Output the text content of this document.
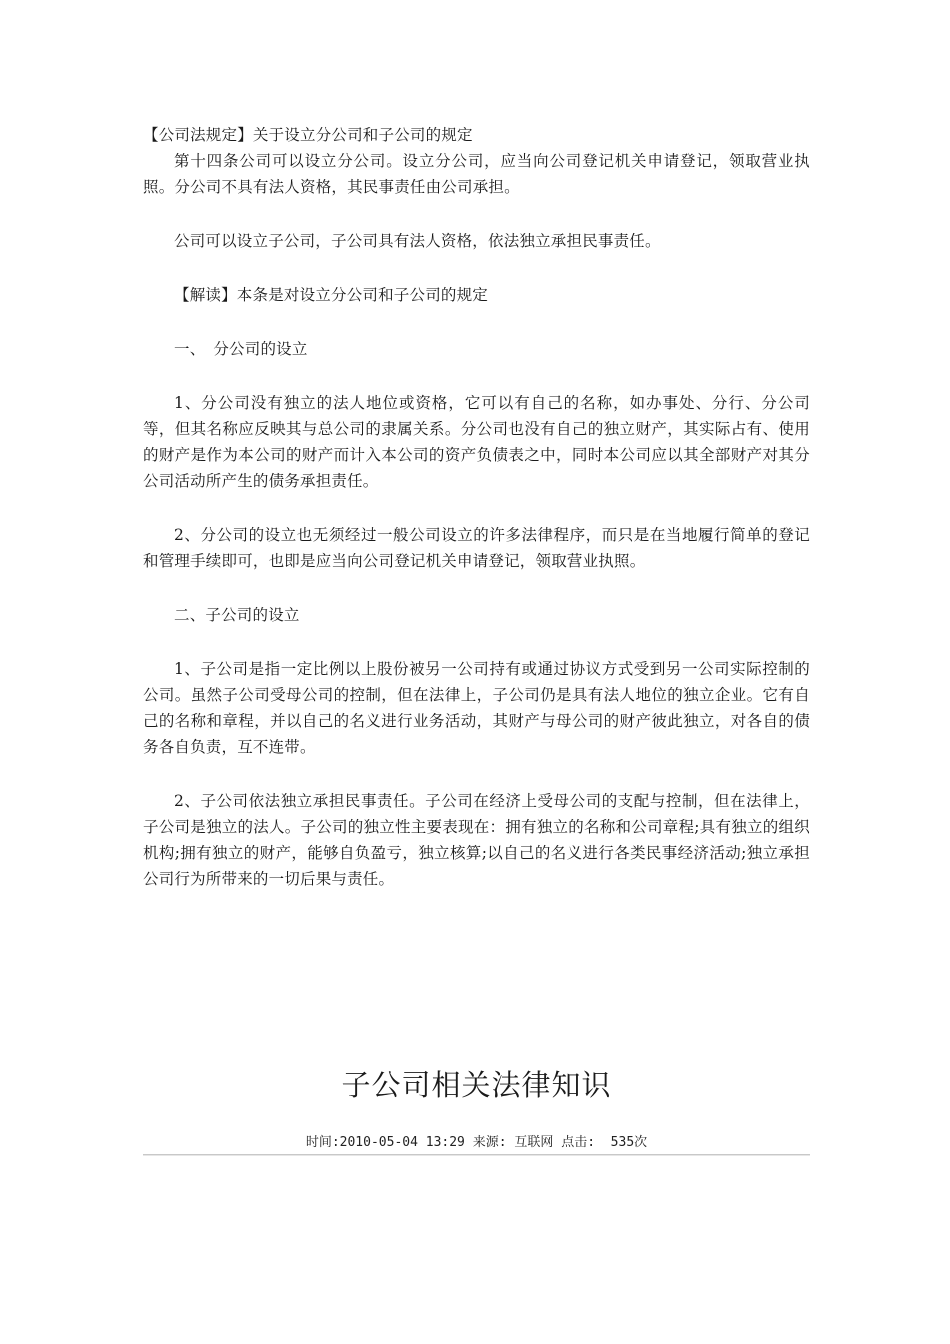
【公司法规定】关于设立分公司和子公司的规定

第十四条公司可以设立分公司。设立分公司，应当向公司登记机关申请登记，领取营业执照。分公司不具有法人资格，其民事责任由公司承担。

公司可以设立子公司，子公司具有法人资格，依法独立承担民事责任。

【解读】本条是对设立分公司和子公司的规定

一、　分公司的设立

1、分公司没有独立的法人地位或资格，它可以有自己的名称，如办事处、分行、分公司等，但其名称应反映其与总公司的隶属关系。分公司也没有自己的独立财产，其实际占有、使用的财产是作为本公司的财产而计入本公司的资产负债表之中，同时本公司应以其全部财产对其分公司活动所产生的债务承担责任。

2、分公司的设立也无须经过一般公司设立的许多法律程序，而只是在当地履行简单的登记和管理手续即可，也即是应当向公司登记机关申请登记，领取营业执照。

二、子公司的设立

1、子公司是指一定比例以上股份被另一公司持有或通过协议方式受到另一公司实际控制的公司。虽然子公司受母公司的控制，但在法律上，子公司仍是具有法人地位的独立企业。它有自己的名称和章程，并以自己的名义进行业务活动，其财产与母公司的财产彼此独立，对各自的债务各自负责，互不连带。

2、子公司依法独立承担民事责任。子公司在经济上受母公司的支配与控制，但在法律上，子公司是独立的法人。子公司的独立性主要表现在：拥有独立的名称和公司章程;具有独立的组织机构;拥有独立的财产，能够自负盈亏，独立核算;以自己的名义进行各类民事经济活动;独立承担公司行为所带来的一切后果与责任。

子公司相关法律知识
时间:2010-05-04 13:29 来源: 互联网 点击:  535次
